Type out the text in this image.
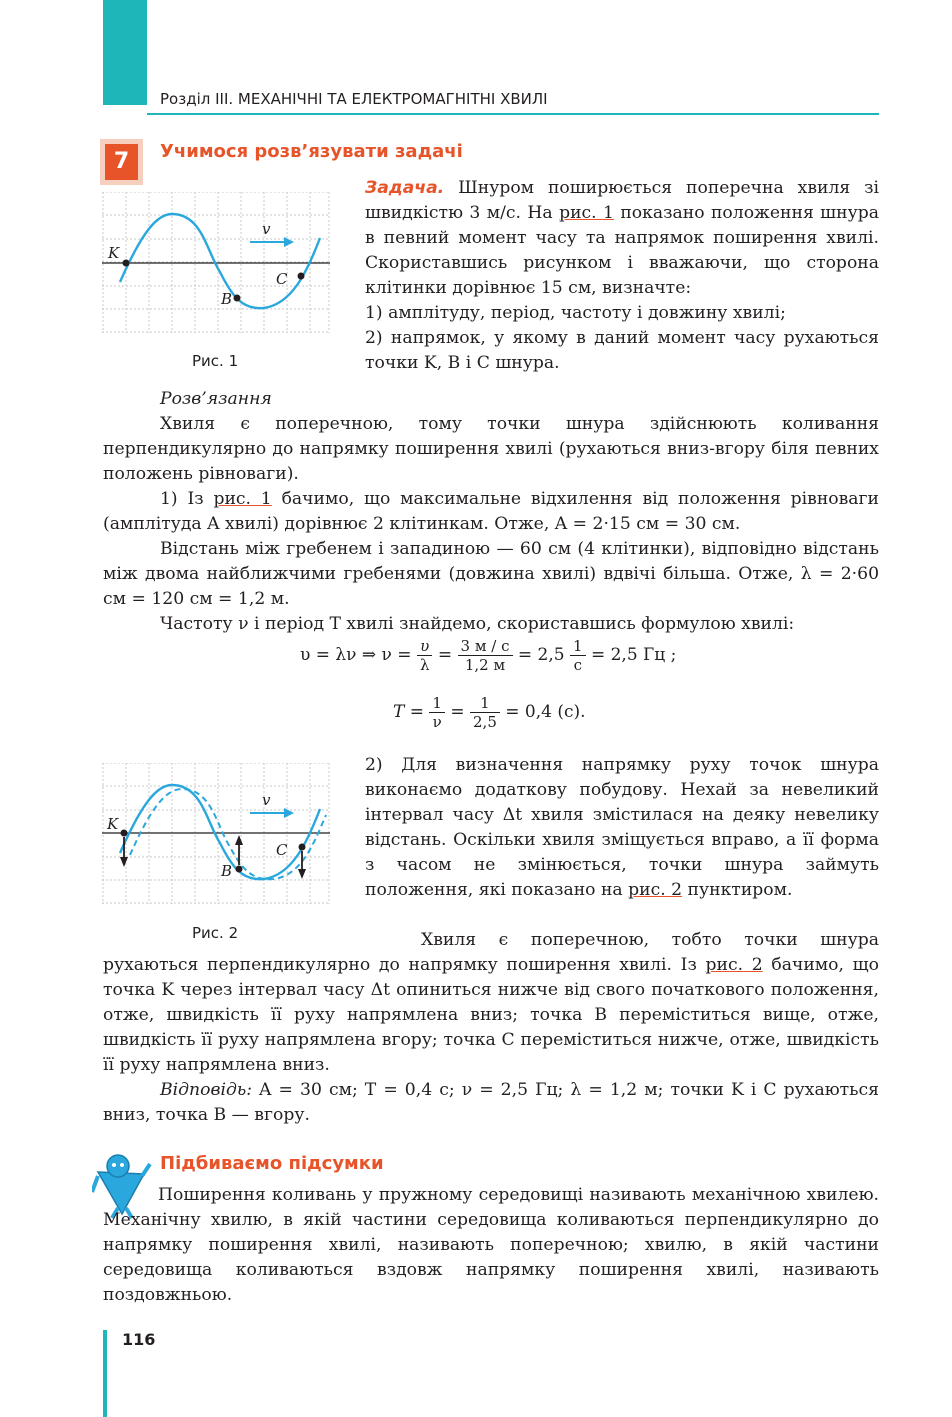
Розділ ІІІ. МЕХАНІЧНІ ТА ЕЛЕКТРОМАГНІТНІ ХВИЛІ
7	Учимося розв’язувати задачі
v
K
B
C
Рис. 1

Задача. Шнуром поширюється поперечна хвиля зі швидкістю 3 м/с. На рис. 1 показано положення шнура в певний момент часу та напрямок поширення хвилі. Скориставшись рисунком і вважаючи, що сторона клітинки дорівнює 15 см, визначте:
1) амплітуду, період, частоту і довжину хвилі;
2) напрямок, у якому в даний момент часу рухаються точки K, B і C шнура.

Розв’язання

Хвиля є поперечною, тому точки шнура здійснюють коливання перпендикулярно до напрямку поширення хвилі (рухаються вниз-вгору біля певних положень рівноваги).

1) Із рис. 1 бачимо, що максимальне відхилення від положення рівноваги (амплітуда A хвилі) дорівнює 2 клітинкам. Отже, A = 2·15 см = 30 см.

Відстань між гребенем і западиною — 60 см (4 клітинки), відповідно відстань між двома найближчими гребенями (довжина хвилі) вдвічі більша. Отже, λ = 2·60 см = 120 см = 1,2 м.

Частоту ν і період T хвилі знайдемо, скориставшись формулою хвилі:

υ = λν ⇒ $\nu = \frac{\upsilon}{\lambda} = \frac{3 м / с}{1,2 м} = 2,5 \frac{1}{с} = 2,5$ Гц ;
$T = \frac{1}{\nu} = \frac{1}{2,5} = 0,4$ (с).
v
K
B
C
Рис. 2

2) Для визначення напрямку руху точок шнура виконаємо додаткову побудову. Нехай за невеликий інтервал часу Δt хвиля змістилася на деяку невелику відстань. Оскільки хвиля зміщується вправо, а її форма з часом не змінюється, точки шнура займуть положення, які показано на рис. 2 пунктиром.

Хвиля є поперечною, тобто точки шнура рухаються перпендикулярно до напрямку поширення хвилі. Із рис. 2 бачимо, що точка K через інтервал часу Δt опиниться нижче від свого початкового положення, отже, швидкість її руху напрямлена вниз; точка B переміститься вище, отже, швидкість її руху напрямлена вгору; точка C переміститься нижче, отже, швидкість її руху напрямлена вниз.

Відповідь: A = 30 см; T = 0,4 с; ν = 2,5 Гц; λ = 1,2 м; точки K і C рухаються вниз, точка B — вгору.

Підбиваємо підсумки

Поширення коливань у пружному середовищі називають механічною хвилею. Механічну хвилю, в якій частини середовища коливаються перпендикулярно до напрямку поширення хвилі, називають поперечною; хвилю, в якій частини середовища коливаються вздовж напрямку поширення хвилі, називають поздовжньою.

116
